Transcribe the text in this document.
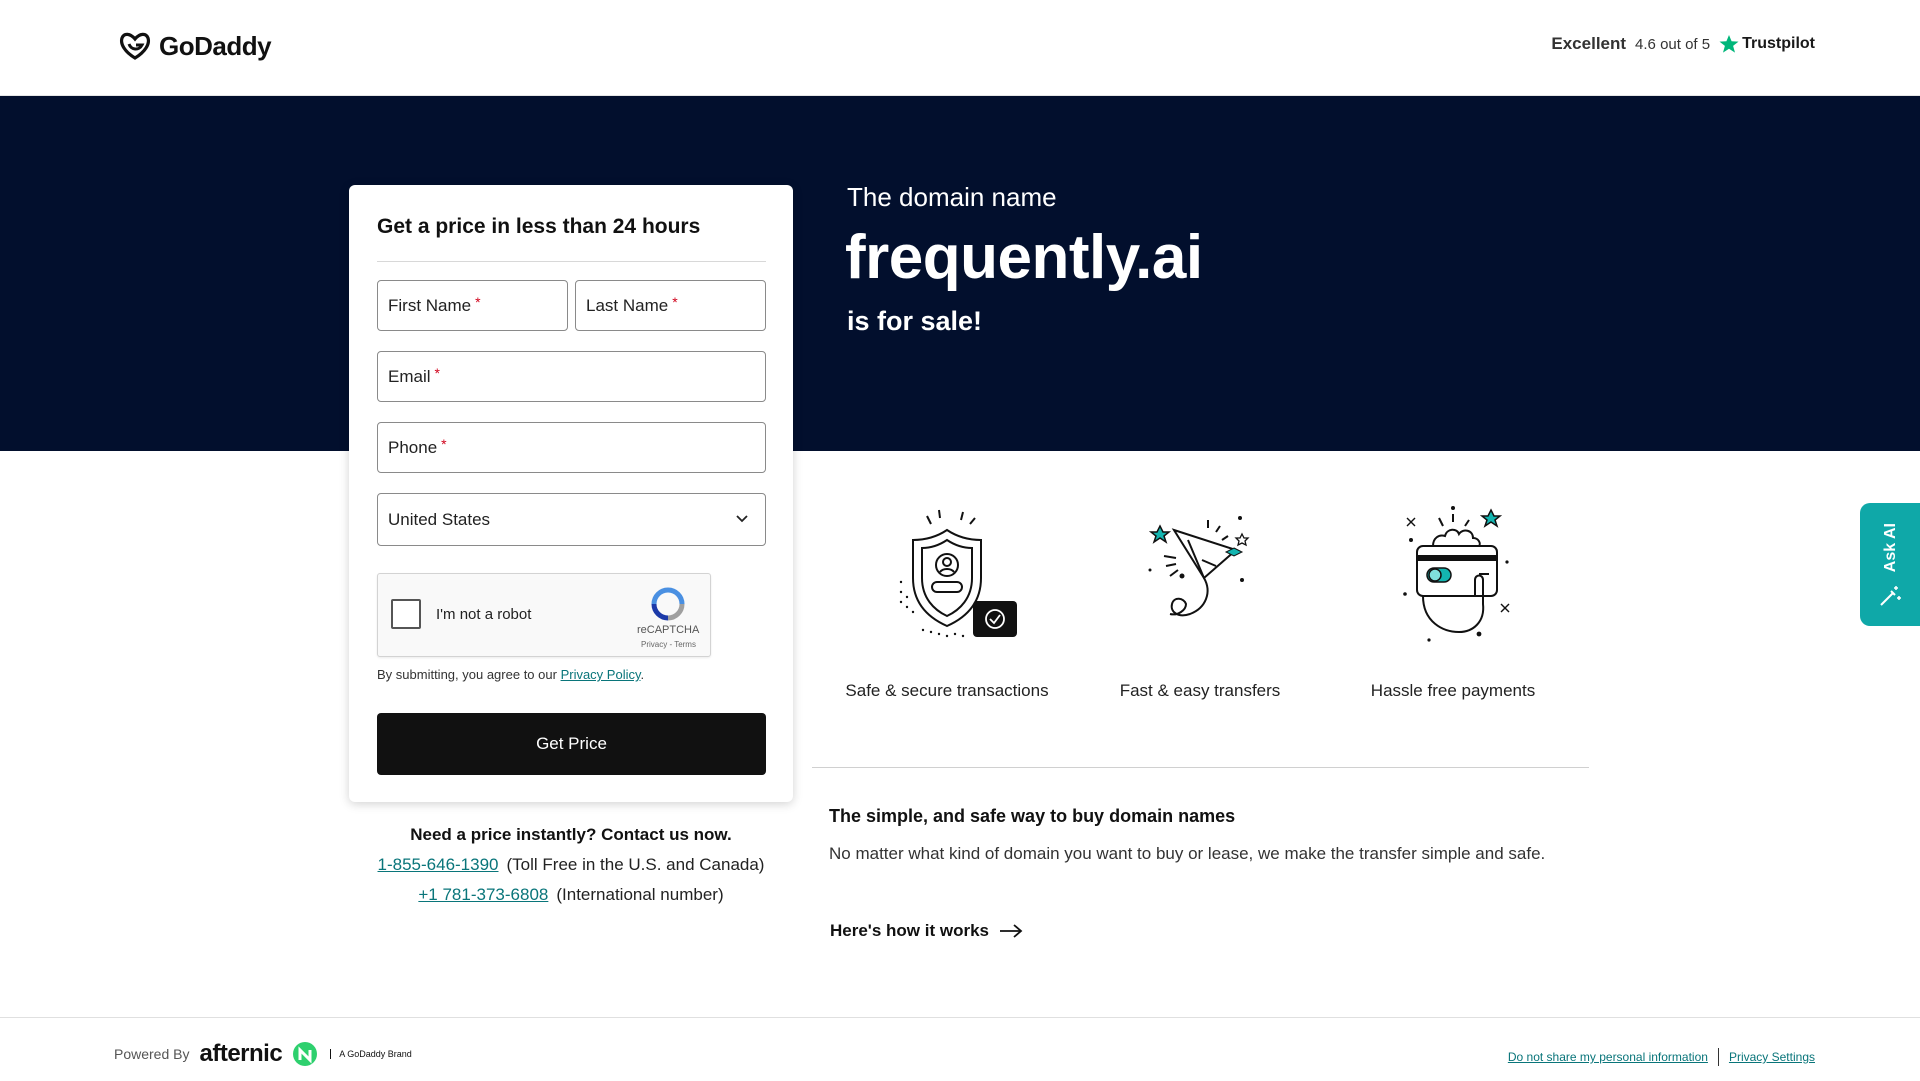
GoDaddy	Excellent 4.6 out of 5 Trustpilot
The domain name
frequently.ai
is for sale!
Get a price in less than 24 hours
First Name *	Last Name *
Email *
Phone *
United States
I'm not a robot
reCAPTCHA
Privacy - Terms
By submitting, you agree to our Privacy Policy.
Get Price
Need a price instantly? Contact us now.
1-855-646-1390 (Toll Free in the U.S. and Canada)
+1 781-373-6808 (International number)
Safe & secure transactions	Fast & easy transfers	Hassle free payments
The simple, and safe way to buy domain names
No matter what kind of domain you want to buy or lease, we make the transfer simple and safe.
Here's how it works
Ask AI
Powered By afternic	A GoDaddy Brand	Do not share my personal information Privacy Settings
